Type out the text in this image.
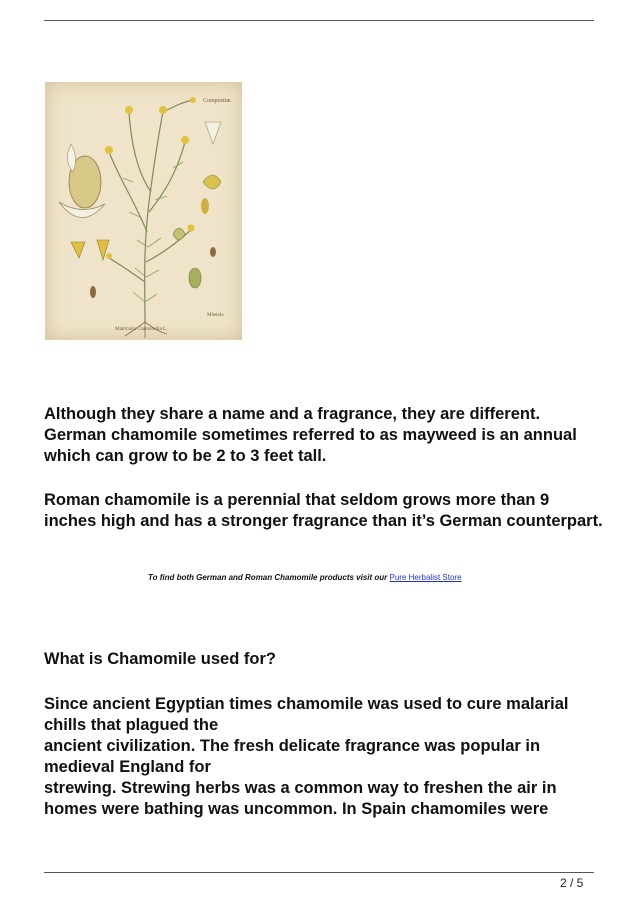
Compositæ.
Matricaria Chamomilla L.
Mheinle
Although they share a name and a fragrance, they are different. German chamomile sometimes referred to as mayweed is an annual which can grow to be 2 to 3 feet tall.
Roman chamomile is a perennial that seldom grows more than 9 inches high and has a stronger fragrance than it’s German counterpart.
To find both German and Roman Chamomile products visit our Pure Herbalist Store
What is Chamomile used for?
Since ancient Egyptian times chamomile was used to cure malarial
chills that plagued the
ancient civilization. The fresh delicate fragrance was popular in
medieval England for
strewing. Strewing herbs was a common way to freshen the air in
homes were bathing was uncommon. In Spain chamomiles were
2 / 5
